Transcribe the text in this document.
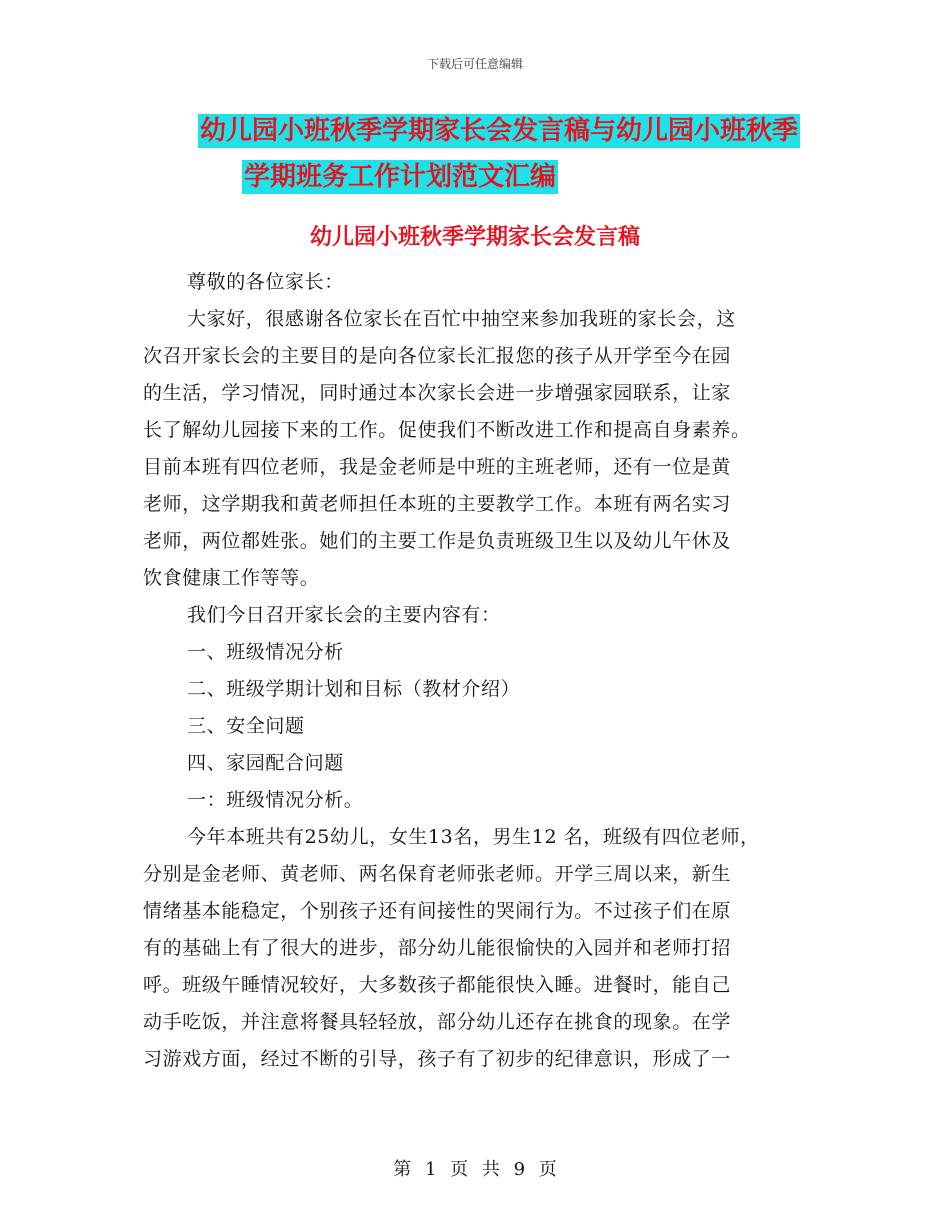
下载后可任意编辑
幼儿园小班秋季学期家长会发言稿与幼儿园小班秋季
学期班务工作计划范文汇编
幼儿园小班秋季学期家长会发言稿

尊敬的各位家长：

大家好，很感谢各位家长在百忙中抽空来参加我班的家长会，这

次召开家长会的主要目的是向各位家长汇报您的孩子从开学至今在园

的生活，学习情况，同时通过本次家长会进一步增强家园联系，让家

长了解幼儿园接下来的工作。促使我们不断改进工作和提高自身素养。

目前本班有四位老师，我是金老师是中班的主班老师，还有一位是黄

老师，这学期我和黄老师担任本班的主要教学工作。本班有两名实习

老师，两位都姓张。她们的主要工作是负责班级卫生以及幼儿午休及

饮食健康工作等等。

我们今日召开家长会的主要内容有：

一、班级情况分析

二、班级学期计划和目标（教材介绍）

三、安全问题

四、家园配合问题

一：班级情况分析。

今年本班共有25幼儿，女生13名，男生12 名，班级有四位老师，

分别是金老师、黄老师、两名保育老师张老师。开学三周以来，新生

情绪基本能稳定，个别孩子还有间接性的哭闹行为。不过孩子们在原

有的基础上有了很大的进步，部分幼儿能很愉快的入园并和老师打招

呼。班级午睡情况较好，大多数孩子都能很快入睡。进餐时，能自己

动手吃饭，并注意将餐具轻轻放，部分幼儿还存在挑食的现象。在学

习游戏方面，经过不断的引导，孩子有了初步的纪律意识，形成了一

第 1 页 共 9 页
